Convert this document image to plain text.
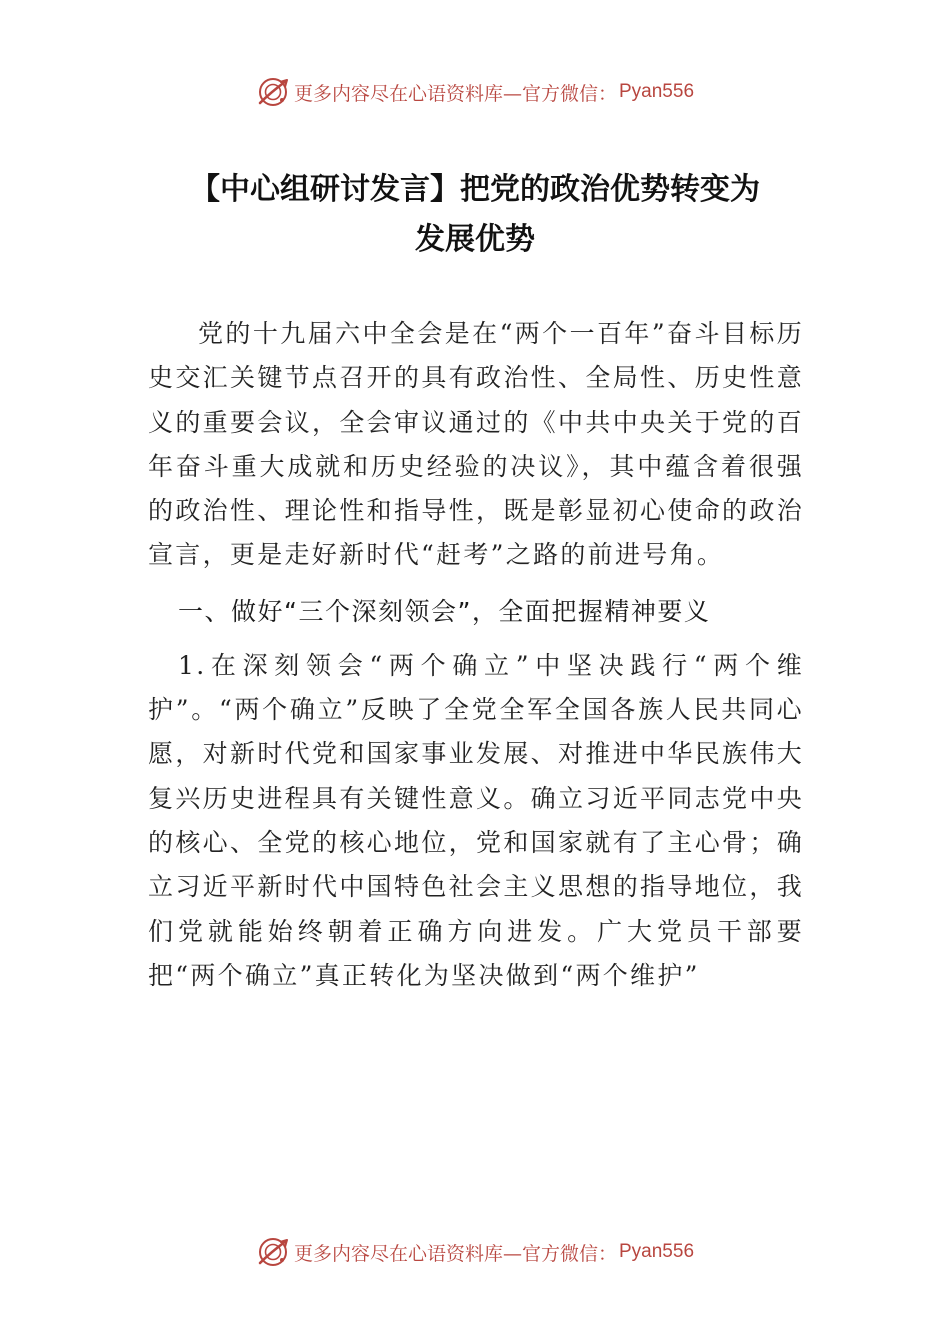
更多内容尽在心语资料库— 官方微信： Pyan556
【中心组研讨发言】把党的政治优势转变为
发展优势

党的十九届六中全会是在“两个一百年”奋斗目标历史交汇关键节点召开的具有政治性、全局性、历史性意义的重要会议，全会审议通过的《中共中央关于党的百年奋斗重大成就和历史经验的决议》，其中蕴含着很强的政治性、理论性和指导性，既是彰显初心使命的政治宣言，更是走好新时代“赶考”之路的前进号角。

一、做好“三个深刻领会”，全面把握精神要义

1.在深刻领会“两个确立”中坚决践行“两个维护”。“两个确立”反映了全党全军全国各族人民共同心愿，对新时代党和国家事业发展、对推进中华民族伟大复兴历史进程具有关键性意义。确立习近平同志党中央的核心、全党的核心地位，党和国家就有了主心骨；确立习近平新时代中国特色社会主义思想的指导地位，我们党就能始终朝着正确方向进发。广大党员干部要把“两个确立”真正转化为坚决做到“两个维护”

更多内容尽在心语资料库— 官方微信： Pyan556
